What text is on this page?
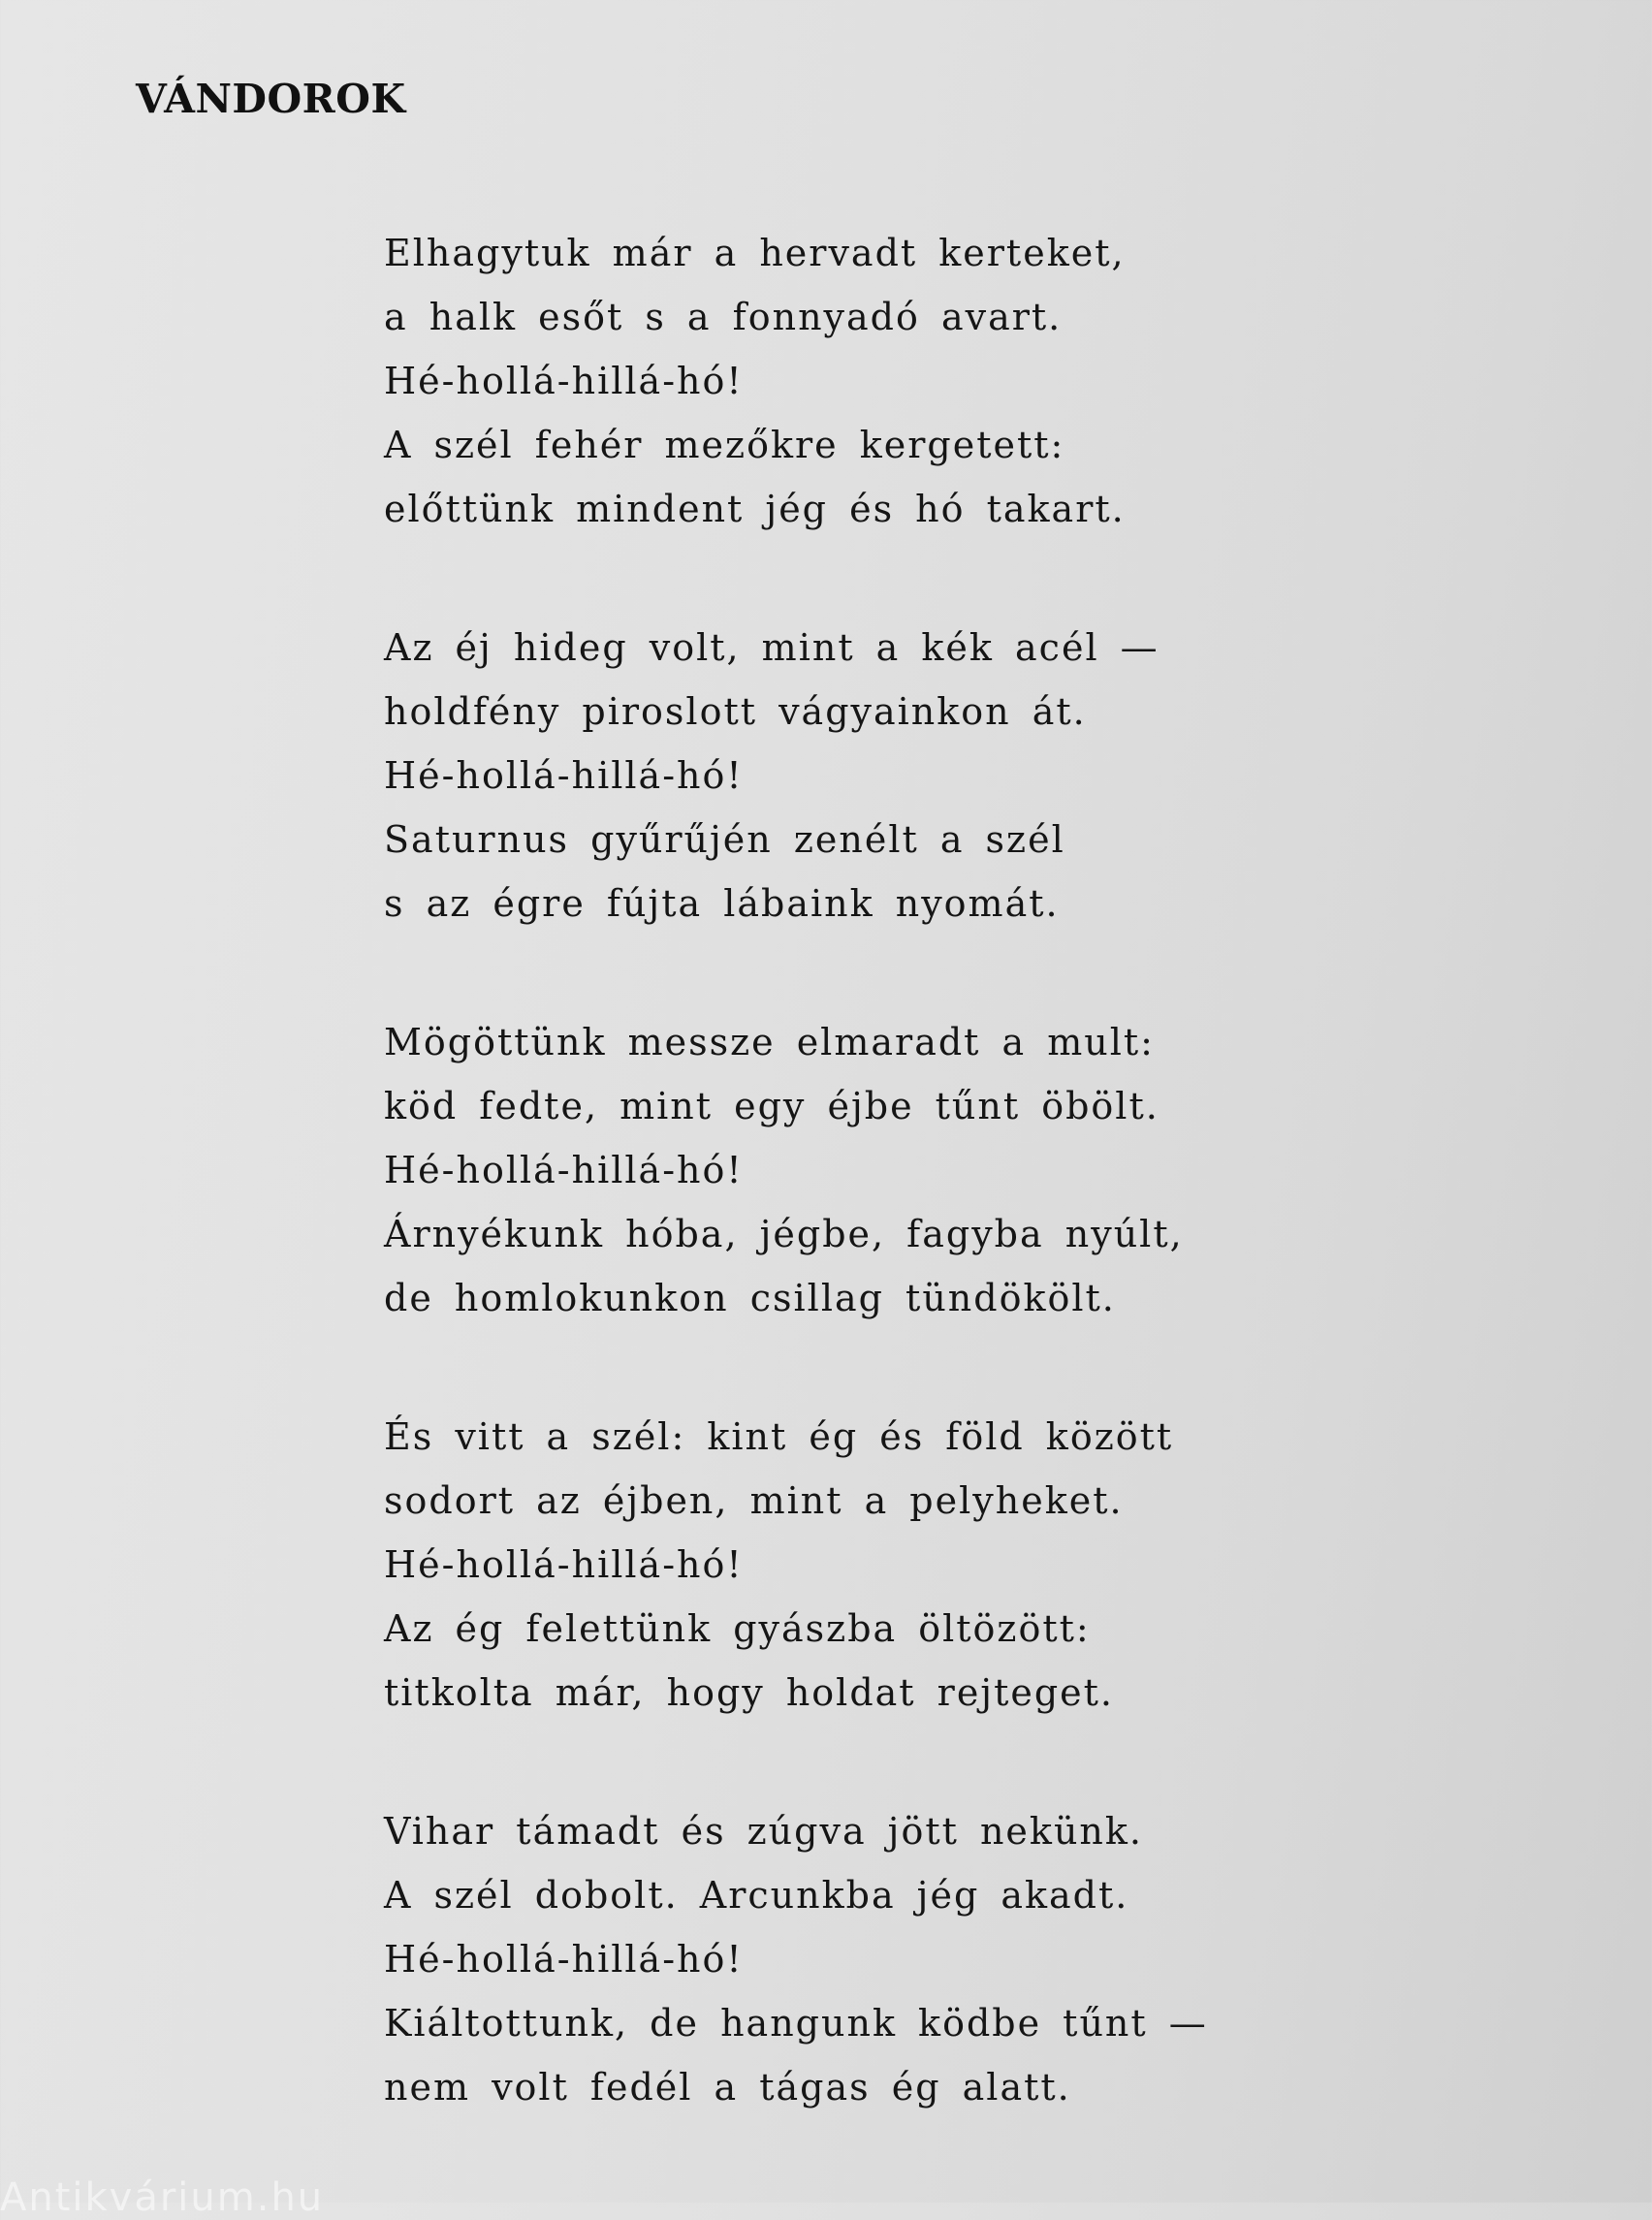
VÁNDOROK
Elhagytuk már a hervadt kerteket,
a halk esőt s a fonnyadó avart.
Hé-hollá-hillá-hó!
A szél fehér mezőkre kergetett:
előttünk mindent jég és hó takart.
Az éj hideg volt, mint a kék acél —
holdfény piroslott vágyainkon át.
Hé-hollá-hillá-hó!
Saturnus gyűrűjén zenélt a szél
s az égre fújta lábaink nyomát.
Mögöttünk messze elmaradt a mult:
köd fedte, mint egy éjbe tűnt öbölt.
Hé-hollá-hillá-hó!
Árnyékunk hóba, jégbe, fagyba nyúlt,
de homlokunkon csillag tündökölt.
És vitt a szél: kint ég és föld között
sodort az éjben, mint a pelyheket.
Hé-hollá-hillá-hó!
Az ég felettünk gyászba öltözött:
titkolta már, hogy holdat rejteget.
Vihar támadt és zúgva jött nekünk.
A szél dobolt. Arcunkba jég akadt.
Hé-hollá-hillá-hó!
Kiáltottunk, de hangunk ködbe tűnt —
nem volt fedél a tágas ég alatt.
Antikvárium.hu
